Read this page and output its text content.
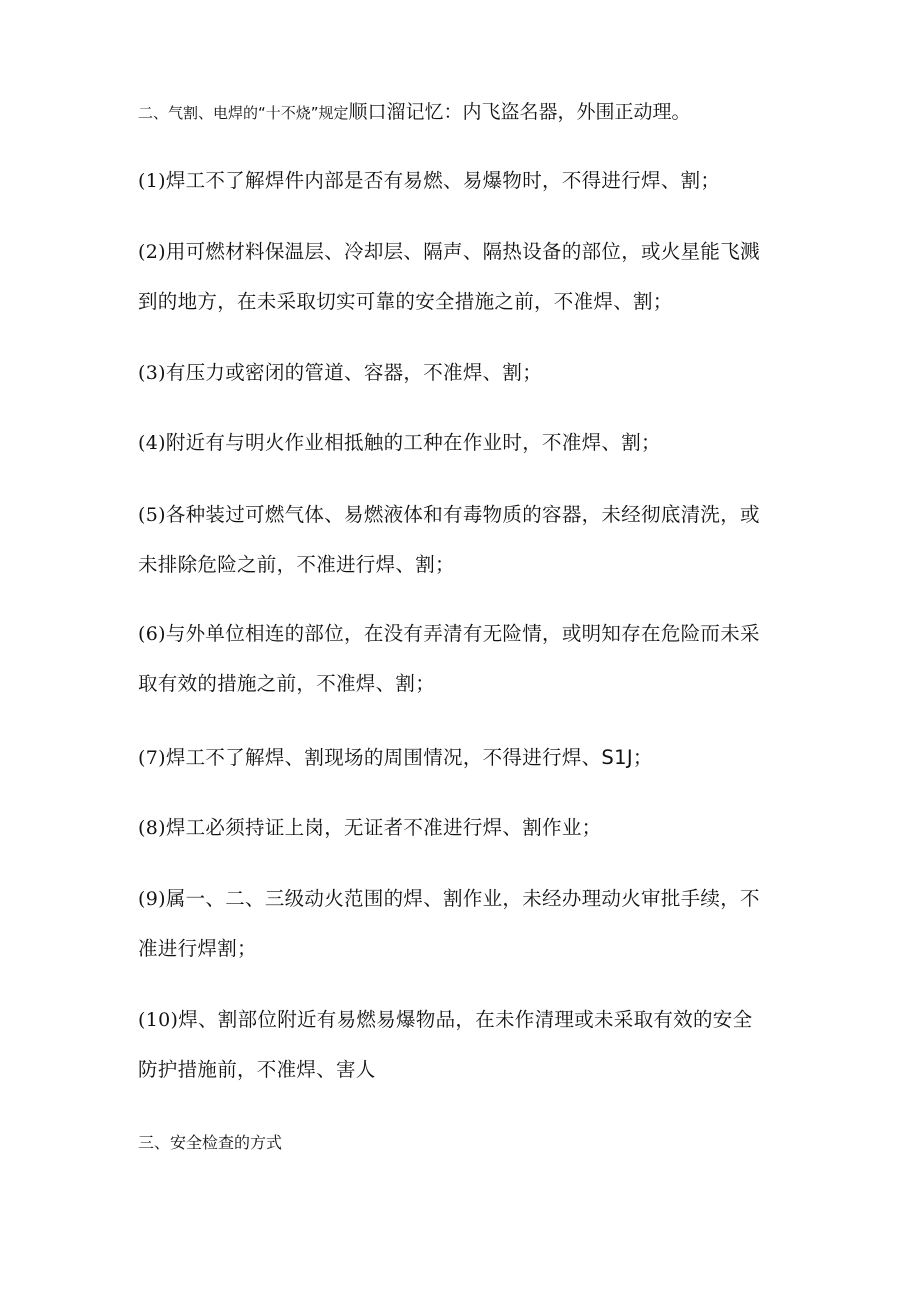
二、气割、电焊的“十不烧”规定顺口溜记忆：内飞盗名器，外围正动理。
(1)焊工不了解焊件内部是否有易燃、易爆物时，不得进行焊、割；
(2)用可燃材料保温层、冷却层、隔声、隔热设备的部位，或火星能飞溅
到的地方，在未采取切实可靠的安全措施之前，不准焊、割；
(3)有压力或密闭的管道、容器，不准焊、割；
(4)附近有与明火作业相抵触的工种在作业时，不准焊、割；
(5)各种装过可燃气体、易燃液体和有毒物质的容器，未经彻底清洗，或
未排除危险之前，不准进行焊、割；
(6)与外单位相连的部位，在没有弄清有无险情，或明知存在危险而未采
取有效的措施之前，不准焊、割；
(7)焊工不了解焊、割现场的周围情况，不得进行焊、S1J；
(8)焊工必须持证上岗，无证者不准进行焊、割作业；
(9)属一、二、三级动火范围的焊、割作业，未经办理动火审批手续，不
准进行焊割；
(10)焊、割部位附近有易燃易爆物品，在未作清理或未采取有效的安全
防护措施前，不准焊、害人
三、安全检查的方式
